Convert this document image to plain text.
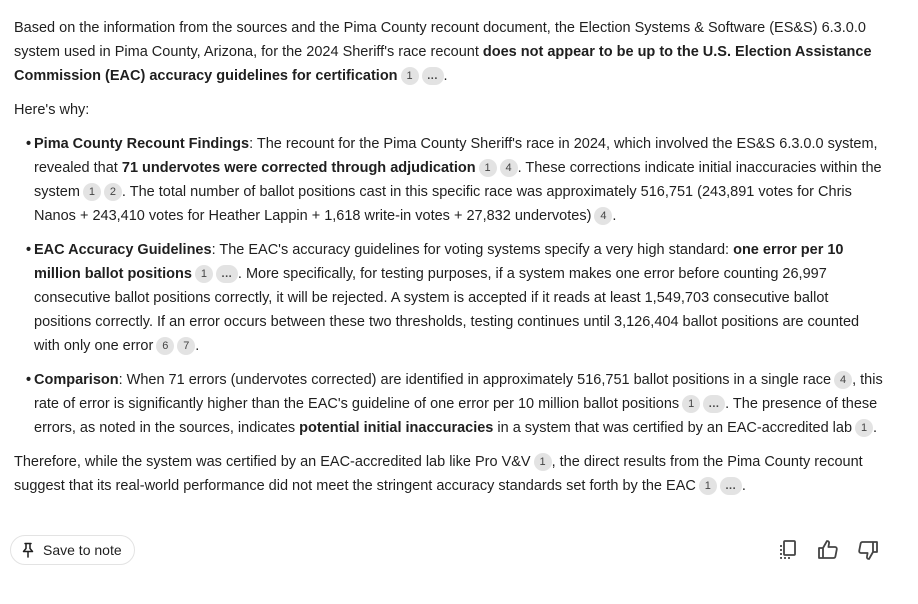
Based on the information from the sources and the Pima County recount document, the Election Systems & Software (ES&S) 6.3.0.0 system used in Pima County, Arizona, for the 2024 Sheriff's race recount does not appear to be up to the U.S. Election Assistance Commission (EAC) accuracy guidelines for certification 1 ... .

Here's why:

• Pima County Recount Findings: The recount for the Pima County Sheriff's race in 2024, which involved the ES&S 6.3.0.0 system, revealed that 71 undervotes were corrected through adjudication 1 4 . These corrections indicate initial inaccuracies within the system 1 2 . The total number of ballot positions cast in this specific race was approximately 516,751 (243,891 votes for Chris Nanos + 243,410 votes for Heather Lappin + 1,618 write-in votes + 27,832 undervotes) 4 .
• EAC Accuracy Guidelines: The EAC's accuracy guidelines for voting systems specify a very high standard: one error per 10 million ballot positions 1 ... . More specifically, for testing purposes, if a system makes one error before counting 26,997 consecutive ballot positions correctly, it will be rejected. A system is accepted if it reads at least 1,549,703 consecutive ballot positions correctly. If an error occurs between these two thresholds, testing continues until 3,126,404 ballot positions are counted with only one error 6 7 .
• Comparison: When 71 errors (undervotes corrected) are identified in approximately 516,751 ballot positions in a single race 4 , this rate of error is significantly higher than the EAC's guideline of one error per 10 million ballot positions 1 ... . The presence of these errors, as noted in the sources, indicates potential initial inaccuracies in a system that was certified by an EAC-accredited lab 1 .

Therefore, while the system was certified by an EAC-accredited lab like Pro V&V 1 , the direct results from the Pima County recount suggest that its real-world performance did not meet the stringent accuracy standards set forth by the EAC 1 ... .

Save to note
